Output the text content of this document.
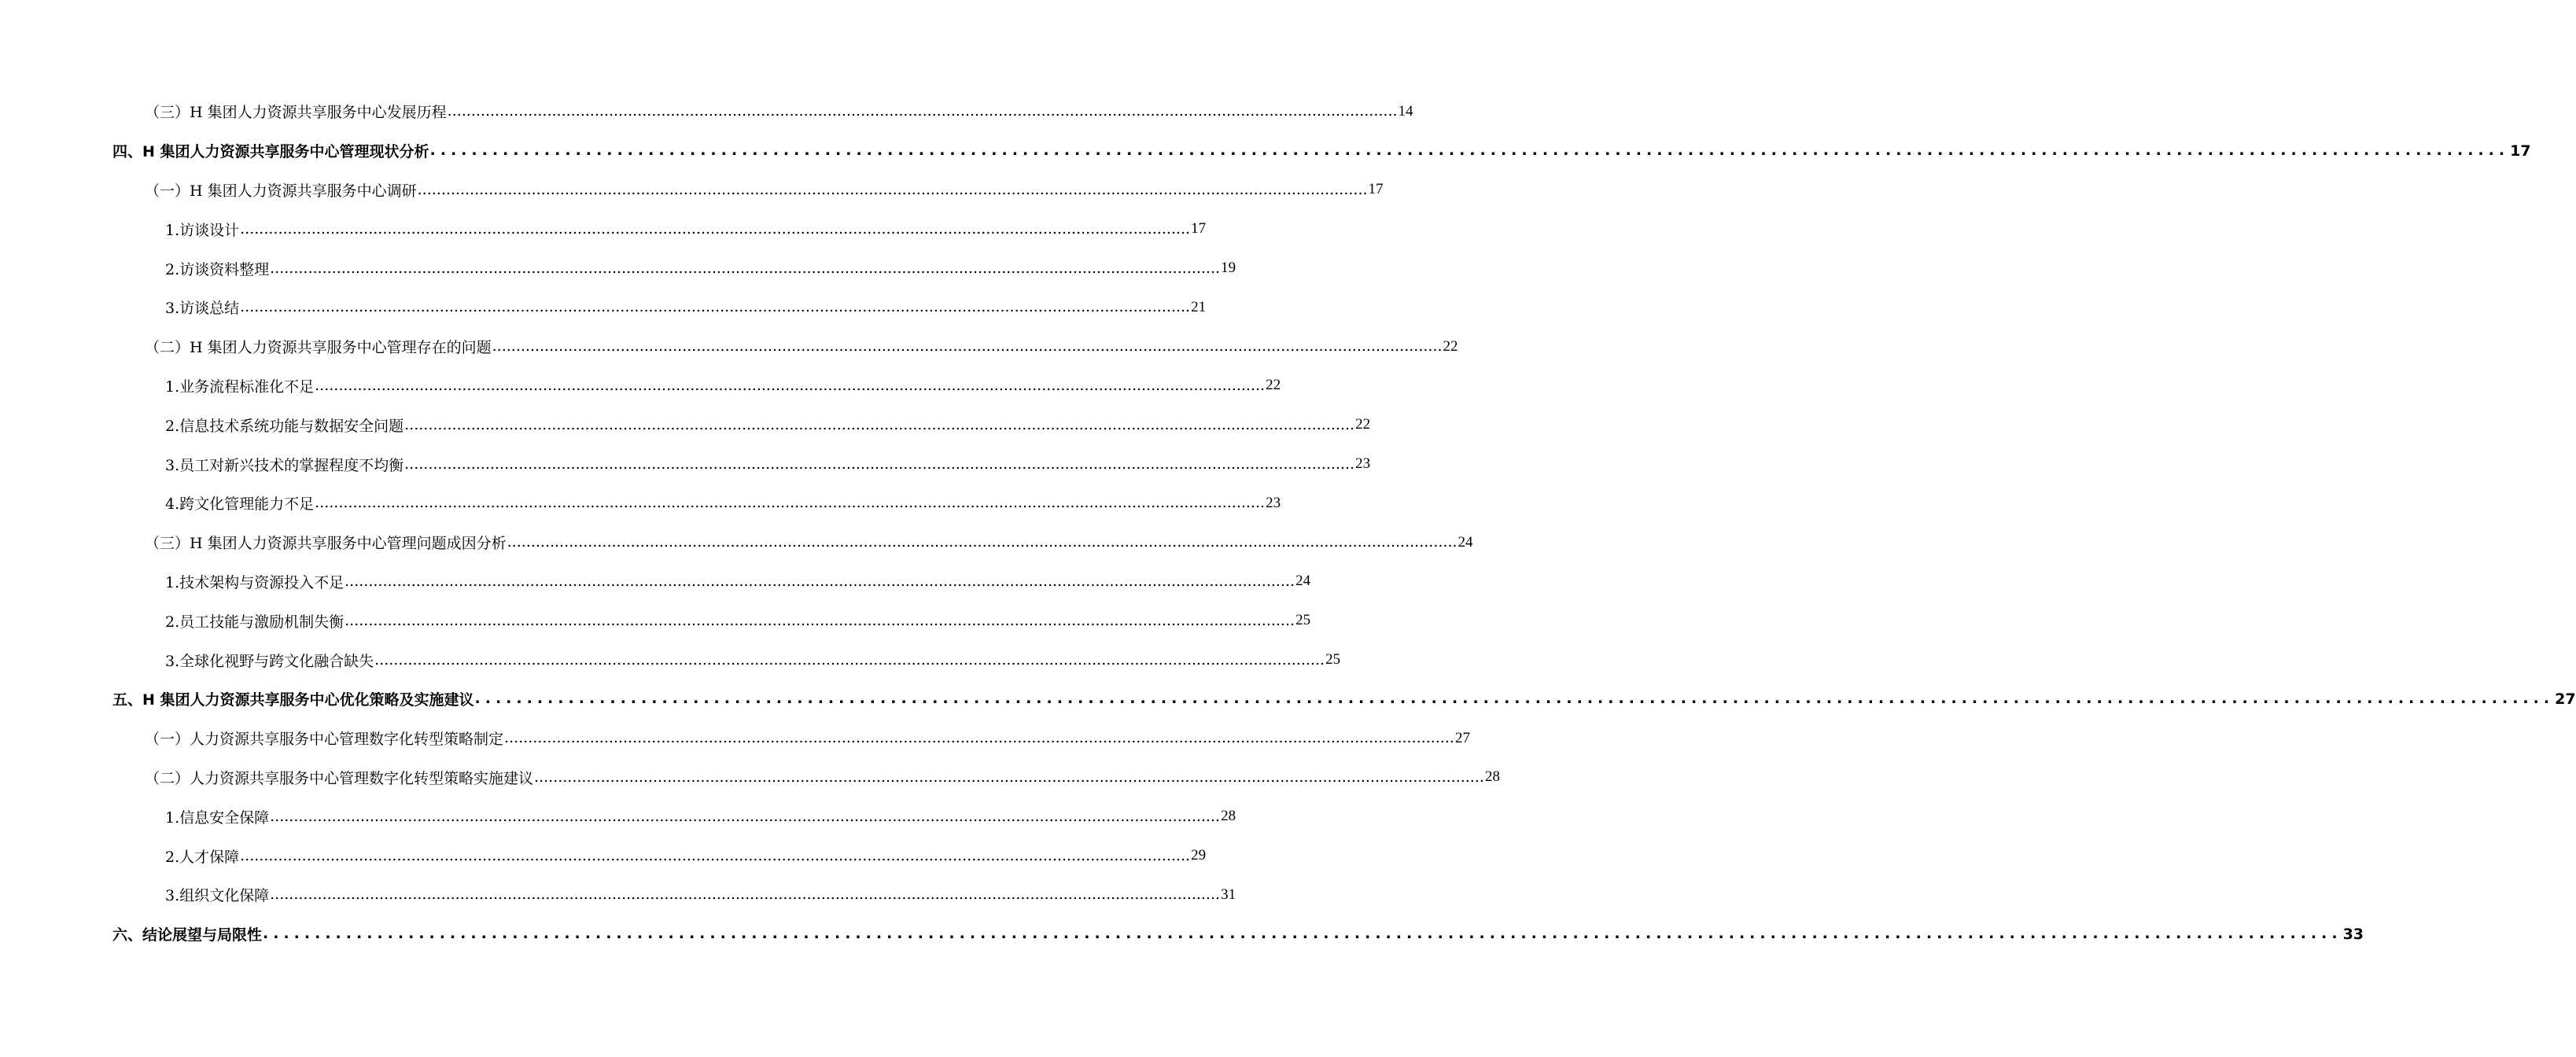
（三）H 集团人力资源共享服务中心发展历程 ........................................................................................................................................................................................................ 14
四、H 集团人力资源共享服务中心管理现状分析 ........................................................................................................................................................................................................ 17
（一）H 集团人力资源共享服务中心调研 ........................................................................................................................................................................................................ 17
1.访谈设计 ........................................................................................................................................................................................................ 17
2.访谈资料整理 ........................................................................................................................................................................................................ 19
3.访谈总结 ........................................................................................................................................................................................................ 21
（二）H 集团人力资源共享服务中心管理存在的问题 ........................................................................................................................................................................................................ 22
1.业务流程标准化不足 ........................................................................................................................................................................................................ 22
2.信息技术系统功能与数据安全问题 ........................................................................................................................................................................................................ 22
3.员工对新兴技术的掌握程度不均衡 ........................................................................................................................................................................................................ 23
4.跨文化管理能力不足 ........................................................................................................................................................................................................ 23
（三）H 集团人力资源共享服务中心管理问题成因分析 ........................................................................................................................................................................................................ 24
1.技术架构与资源投入不足 ........................................................................................................................................................................................................ 24
2.员工技能与激励机制失衡 ........................................................................................................................................................................................................ 25
3.全球化视野与跨文化融合缺失 ........................................................................................................................................................................................................ 25
五、H 集团人力资源共享服务中心优化策略及实施建议 ........................................................................................................................................................................................................ 27
（一）人力资源共享服务中心管理数字化转型策略制定 ........................................................................................................................................................................................................ 27
（二）人力资源共享服务中心管理数字化转型策略实施建议 ........................................................................................................................................................................................................ 28
1.信息安全保障 ........................................................................................................................................................................................................ 28
2.人才保障 ........................................................................................................................................................................................................ 29
3.组织文化保障 ........................................................................................................................................................................................................ 31
六、结论展望与局限性 ........................................................................................................................................................................................................ 33
